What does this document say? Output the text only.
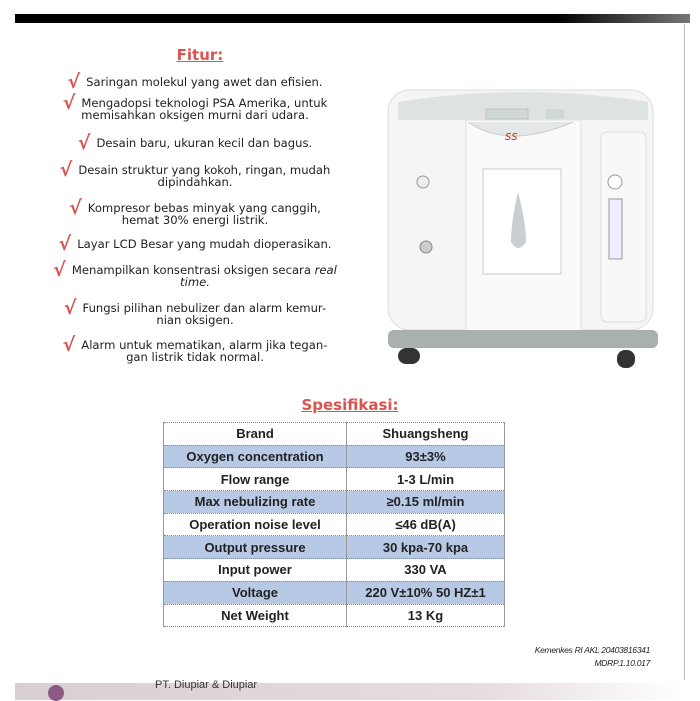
Fitur:
√ Saringan molekul yang awet dan efisien.
√ Mengadopsi teknologi PSA Amerika, untuk
memisahkan oksigen murni dari udara.
√ Desain baru, ukuran kecil dan bagus.
√ Desain struktur yang kokoh, ringan, mudah
dipindahkan.
√ Kompresor bebas minyak yang canggih,
hemat 30% energi listrik.
√ Layar LCD Besar yang mudah dioperasikan.
√ Menampilkan konsentrasi oksigen secara real
time.
√ Fungsi pilihan nebulizer dan alarm kemur-
nian oksigen.
√ Alarm untuk mematikan, alarm jika tegan-
gan listrik tidak normal.
ss
Spesifikasi:
Brand	Shuangsheng
Oxygen concentration	93±3%
Flow range	1-3 L/min
Max nebulizing rate	≥0.15 ml/min
Operation noise level	≤46 dB(A)
Output pressure	30 kpa-70 kpa
Input power	330 VA
Voltage	220 V±10% 50 HZ±1
Net Weight	13 Kg
Kemenkes RI AKL 20403816341
MDRP.1.10.017
PT. Diupiar & Diupiar
